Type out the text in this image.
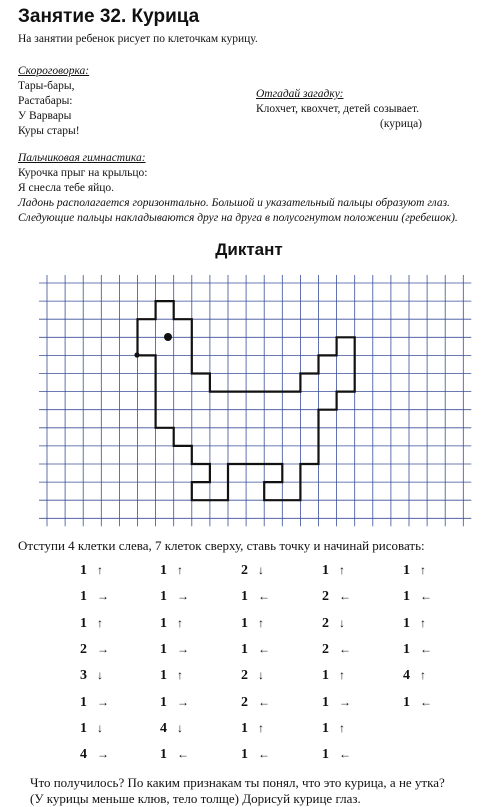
Занятие 32. Курица
На занятии ребенок рисует по клеточкам курицу.
Скороговорка:
Тары-бары,
Растабары:
У Варвары
Куры стары!
Отгадай загадку:
Клохчет, квохчет, детей созывает.
(курица)
Пальчиковая гимнастика:
Курочка прыг на крыльцо:
Я снесла тебе яйцо.
Ладонь располагается горизонтально. Большой и указательный пальцы образуют глаз.
Следующие пальцы накладываются друг на друга в полусогнутом положении (гребешок).
Диктант
Отступи 4 клетки слева, 7 клеток сверху, ставь точку и начинай рисовать:
1 ↑
1 →
1 ↑
2 →
3 ↓
1 →
1 ↓
4 →
1 ↑
1 →
1 ↑
1 →
1 ↑
1 →
4 ↓
1 ←
2 ↓
1 ←
1 ↑
1 ←
2 ↓
2 ←
1 ↑
1 ←
1 ↑
2 ←
2 ↓
2 ←
1 ↑
1 →
1 ↑
1 ←
1 ↑
1 ←
1 ↑
1 ←
4 ↑
1 ←
Что получилось? По каким признакам ты понял, что это курица, а не утка?
(У курицы меньше клюв, тело толще) Дорисуй курице глаз.
